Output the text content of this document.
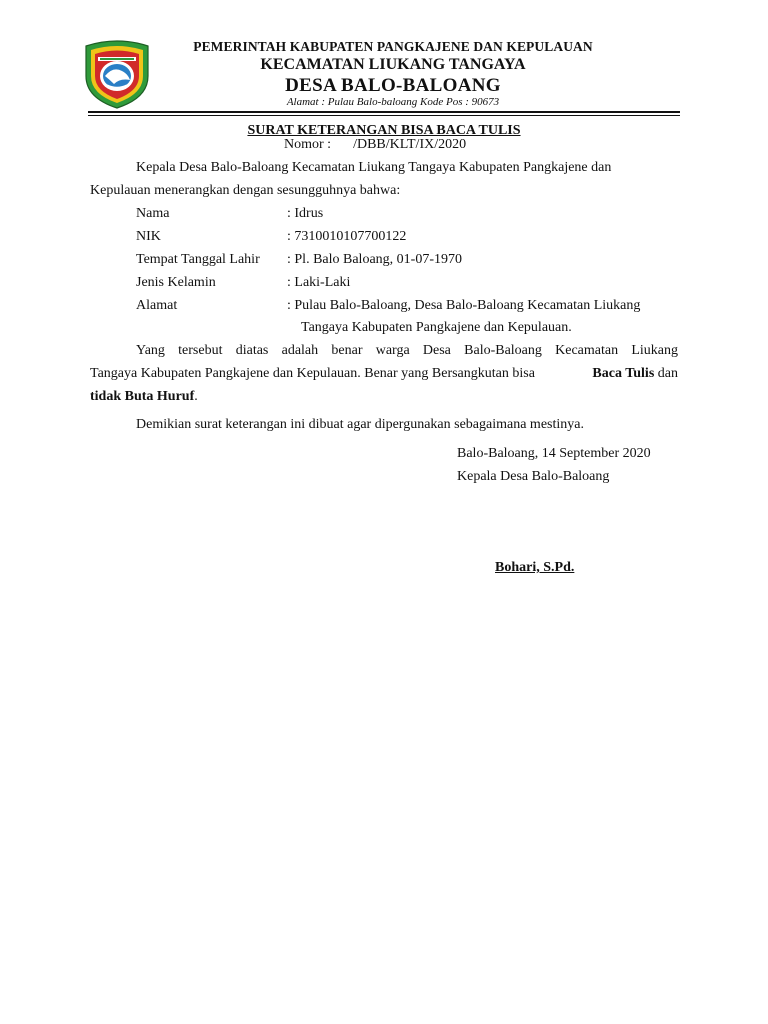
PEMERINTAH KABUPATEN PANGKAJENE DAN KEPULAUAN
KECAMATAN LIUKANG TANGAYA
DESA BALO-BALOANG
Alamat : Pulau Balo-baloang Kode Pos : 90673
SURAT KETERANGAN BISA BACA TULIS
Nomor : /DBB/KLT/IX/2020
Kepala Desa Balo-Baloang Kecamatan Liukang Tangaya Kabupaten Pangkajene dan
Kepulauan menerangkan dengan sesungguhnya bahwa:
Nama	: Idrus
NIK	: 7310010107700122
Tempat Tanggal Lahir : Pl. Balo Baloang, 01-07-1970
Jenis Kelamin	: Laki-Laki
Alamat	: Pulau Balo-Baloang, Desa Balo-Baloang Kecamatan Liukang
Tangaya Kabupaten Pangkajene dan Kepulauan.
Yang tersebut diatas adalah benar warga Desa Balo-Baloang Kecamatan Liukang
Tangaya Kabupaten Pangkajene dan Kepulauan. Benar yang Bersangkutan bisa	Baca Tulis dan
tidak Buta Huruf.
Demikian surat keterangan ini dibuat agar dipergunakan sebagaimana mestinya.
Balo-Baloang, 14 September 2020
Kepala Desa Balo-Baloang
Bohari, S.Pd.
